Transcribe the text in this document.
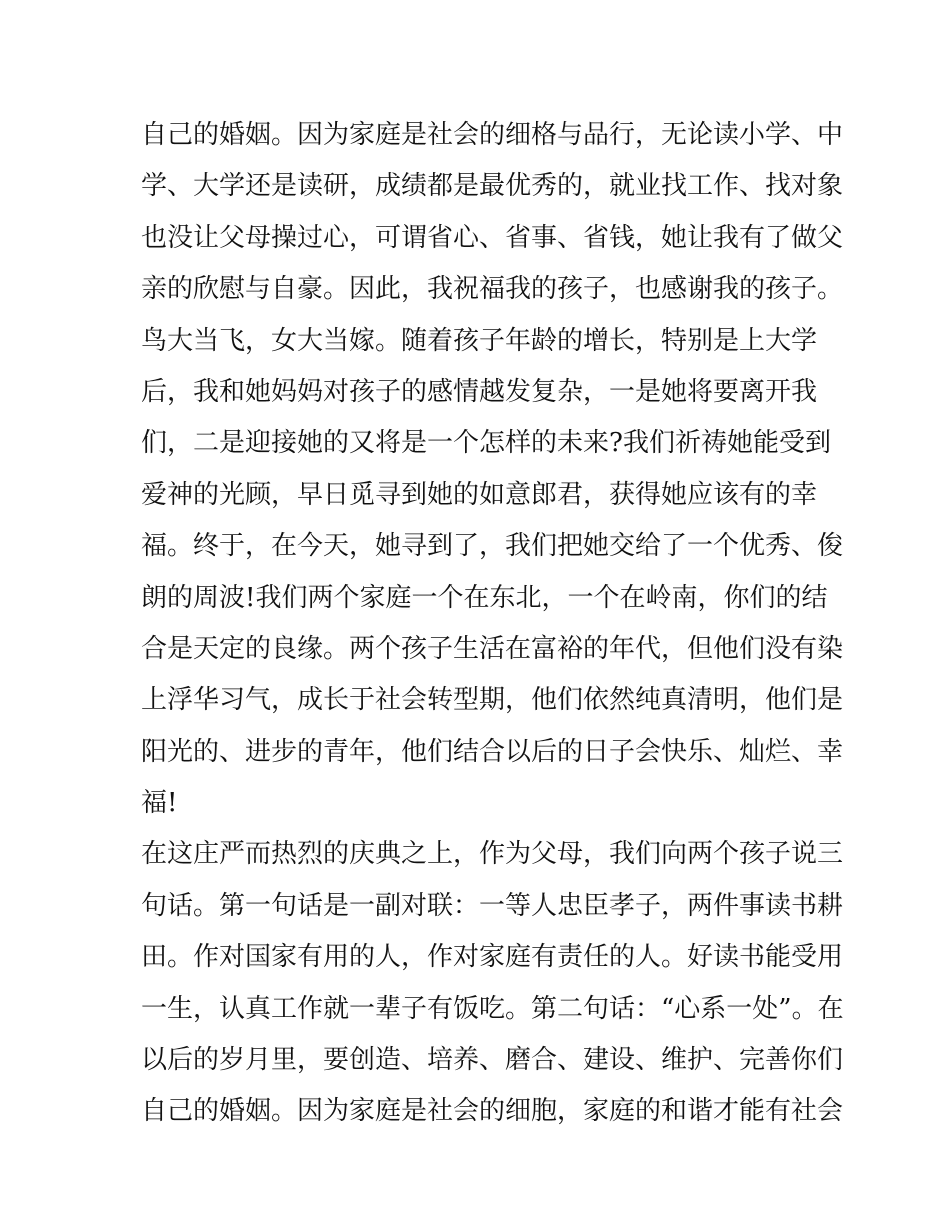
自己的婚姻。因为家庭是社会的细格与品行，无论读小学、中
学、大学还是读研，成绩都是最优秀的，就业找工作、找对象
也没让父母操过心，可谓省心、省事、省钱，她让我有了做父
亲的欣慰与自豪。因此，我祝福我的孩子，也感谢我的孩子。
鸟大当飞，女大当嫁。随着孩子年龄的增长，特别是上大学
后，我和她妈妈对孩子的感情越发复杂，一是她将要离开我
们，二是迎接她的又将是一个怎样的未来?我们祈祷她能受到
爱神的光顾，早日觅寻到她的如意郎君，获得她应该有的幸
福。终于，在今天，她寻到了，我们把她交给了一个优秀、俊
朗的周波!我们两个家庭一个在东北，一个在岭南，你们的结
合是天定的良缘。两个孩子生活在富裕的年代，但他们没有染
上浮华习气，成长于社会转型期，他们依然纯真清明，他们是
阳光的、进步的青年，他们结合以后的日子会快乐、灿烂、幸
福!
在这庄严而热烈的庆典之上，作为父母，我们向两个孩子说三
句话。第一句话是一副对联：一等人忠臣孝子，两件事读书耕
田。作对国家有用的人，作对家庭有责任的人。好读书能受用
一生，认真工作就一辈子有饭吃。第二句话：“心系一处”。在
以后的岁月里，要创造、培养、磨合、建设、维护、完善你们
自己的婚姻。因为家庭是社会的细胞，家庭的和谐才能有社会
